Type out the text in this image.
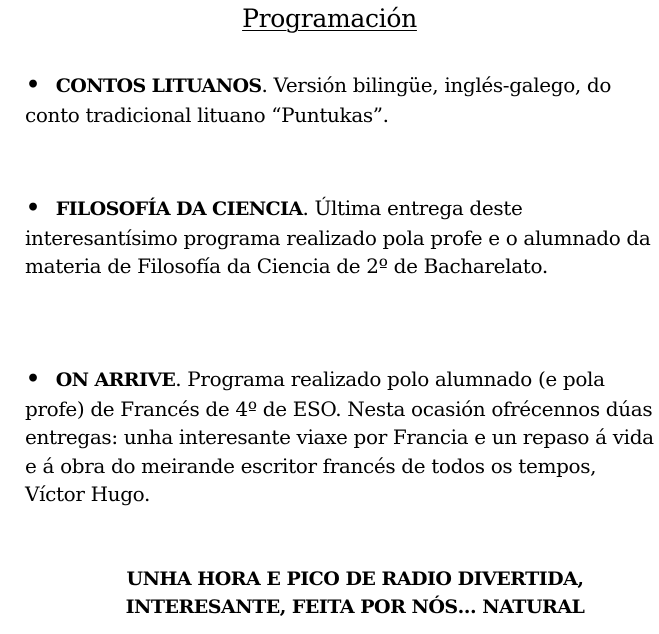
Programación
• CONTOS LITUANOS. Versión bilingüe, inglés-galego, do conto tradicional lituano “Puntukas”.
• FILOSOFÍA DA CIENCIA. Última entrega deste interesantísimo programa realizado pola profe e o alumnado da materia de Filosofía da Ciencia de 2º de Bacharelato.
• ON ARRIVE. Programa realizado polo alumnado (e pola profe) de Francés de 4º de ESO. Nesta ocasión ofrécennos dúas entregas: unha interesante viaxe por Francia e un repaso á vida e á obra do meirande escritor francés de todos os tempos, Víctor Hugo.
UNHA HORA E PICO DE RADIO DIVERTIDA,
INTERESANTE, FEITA POR NÓS… NATURAL
